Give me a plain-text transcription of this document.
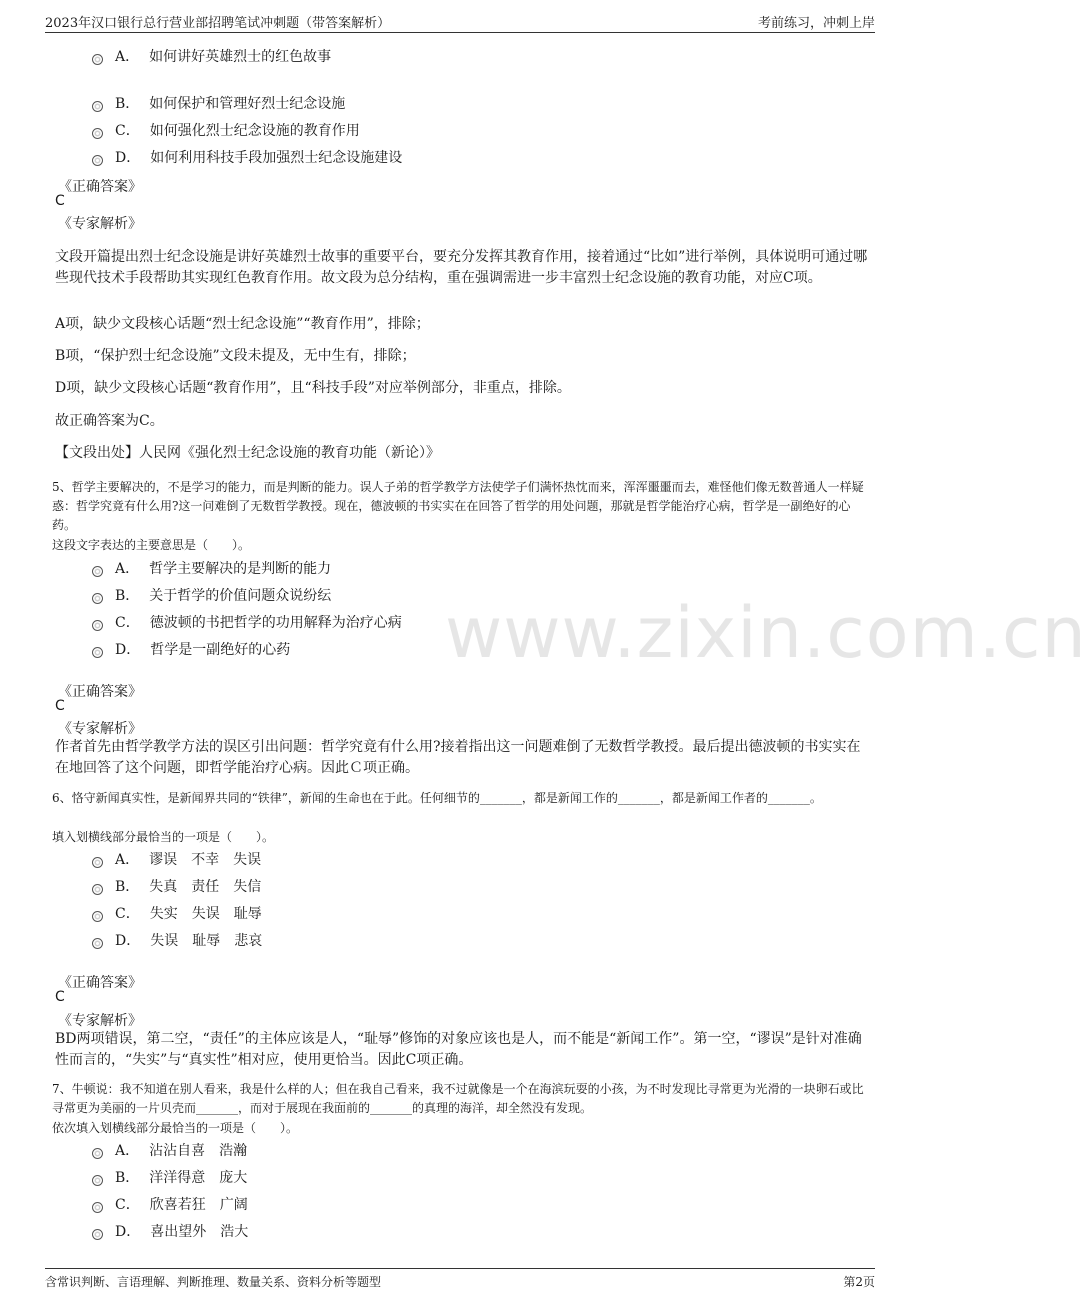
2023年汉口银行总行营业部招聘笔试冲刺题（带答案解析）	考前练习，冲刺上岸
www.zixin.com.cn
A． 如何讲好英雄烈士的红色故事
B． 如何保护和管理好烈士纪念设施
C． 如何强化烈士纪念设施的教育作用
D． 如何利用科技手段加强烈士纪念设施建设
《正确答案》
C
《专家解析》
文段开篇提出烈士纪念设施是讲好英雄烈士故事的重要平台，要充分发挥其教育作用，接着通过“比如”进行举例，具体说明可通过哪些现代技术手段帮助其实现红色教育作用。故文段为总分结构，重在强调需进一步丰富烈士纪念设施的教育功能，对应C项。
A项，缺少文段核心话题“烈士纪念设施”“教育作用”，排除；
B项，“保护烈士纪念设施”文段未提及，无中生有，排除；
D项，缺少文段核心话题“教育作用”，且“科技手段”对应举例部分，非重点，排除。
故正确答案为C。
【文段出处】人民网《强化烈士纪念设施的教育功能（新论）》
5、哲学主要解决的，不是学习的能力，而是判断的能力。误人子弟的哲学教学方法使学子们满怀热忱而来，浑浑噩噩而去，难怪他们像无数普通人一样疑惑：哲学究竟有什么用?这一问难倒了无数哲学教授。现在，德波顿的书实实在在回答了哲学的用处问题，那就是哲学能治疗心病，哲学是一副绝好的心药。
这段文字表达的主要意思是（　　）。
A． 哲学主要解决的是判断的能力
B． 关于哲学的价值问题众说纷纭
C． 德波顿的书把哲学的功用解释为治疗心病
D． 哲学是一副绝好的心药
《正确答案》
C
《专家解析》
作者首先由哲学教学方法的误区引出问题：哲学究竟有什么用?接着指出这一问题难倒了无数哲学教授。最后提出德波顿的书实实在在地回答了这个问题，即哲学能治疗心病。因此Ｃ项正确。
6、恪守新闻真实性，是新闻界共同的“铁律”，新闻的生命也在于此。任何细节的_______，都是新闻工作的_______，都是新闻工作者的_______。
填入划横线部分最恰当的一项是（　　）。
A． 谬误　不幸　失误
B． 失真　责任　失信
C． 失实　失误　耻辱
D． 失误　耻辱　悲哀
《正确答案》
C
《专家解析》
BD两项错误，第二空，“责任”的主体应该是人，“耻辱”修饰的对象应该也是人，而不能是“新闻工作”。第一空，“谬误”是针对准确性而言的，“失实”与“真实性”相对应，使用更恰当。因此C项正确。
7、牛顿说：我不知道在别人看来，我是什么样的人；但在我自己看来，我不过就像是一个在海滨玩耍的小孩，为不时发现比寻常更为光滑的一块卵石或比寻常更为美丽的一片贝壳而_______，而对于展现在我面前的_______的真理的海洋，却全然没有发现。
依次填入划横线部分最恰当的一项是（　　）。
A． 沾沾自喜　浩瀚
B． 洋洋得意　庞大
C． 欣喜若狂　广阔
D． 喜出望外　浩大
含常识判断、言语理解、判断推理、数量关系、资料分析等题型	第2页
